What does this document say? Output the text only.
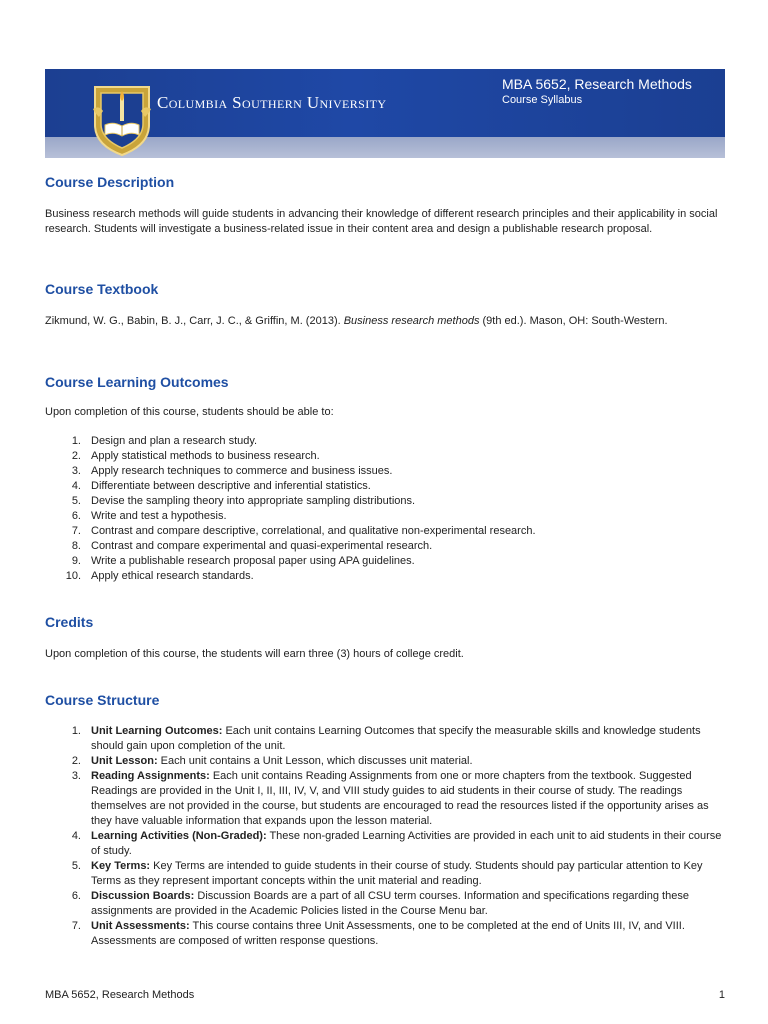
Columbia Southern University
MBA 5652, Research Methods
Course Syllabus
Course Description

Business research methods will guide students in advancing their knowledge of different research principles and their applicability in social research. Students will investigate a business-related issue in their content area and design a publishable research proposal.

Course Textbook

Zikmund, W. G., Babin, B. J., Carr, J. C., & Griffin, M. (2013). Business research methods (9th ed.). Mason, OH: South-Western.

Course Learning Outcomes

Upon completion of this course, students should be able to:

1. Design and plan a research study.
2. Apply statistical methods to business research.
3. Apply research techniques to commerce and business issues.
4. Differentiate between descriptive and inferential statistics.
5. Devise the sampling theory into appropriate sampling distributions.
6. Write and test a hypothesis.
7. Contrast and compare descriptive, correlational, and qualitative non-experimental research.
8. Contrast and compare experimental and quasi-experimental research.
9. Write a publishable research proposal paper using APA guidelines.
10. Apply ethical research standards.
Credits

Upon completion of this course, the students will earn three (3) hours of college credit.

Course Structure
1. Unit Learning Outcomes: Each unit contains Learning Outcomes that specify the measurable skills and knowledge students should gain upon completion of the unit.
2. Unit Lesson: Each unit contains a Unit Lesson, which discusses unit material.
3. Reading Assignments: Each unit contains Reading Assignments from one or more chapters from the textbook. Suggested Readings are provided in the Unit I, II, III, IV, V, and VIII study guides to aid students in their course of study. The readings themselves are not provided in the course, but students are encouraged to read the resources listed if the opportunity arises as they have valuable information that expands upon the lesson material.
4. Learning Activities (Non-Graded): These non-graded Learning Activities are provided in each unit to aid students in their course of study.
5. Key Terms: Key Terms are intended to guide students in their course of study. Students should pay particular attention to Key Terms as they represent important concepts within the unit material and reading.
6. Discussion Boards: Discussion Boards are a part of all CSU term courses. Information and specifications regarding these assignments are provided in the Academic Policies listed in the Course Menu bar.
7. Unit Assessments: This course contains three Unit Assessments, one to be completed at the end of Units III, IV, and VIII. Assessments are composed of written response questions.
MBA 5652, Research Methods	1
